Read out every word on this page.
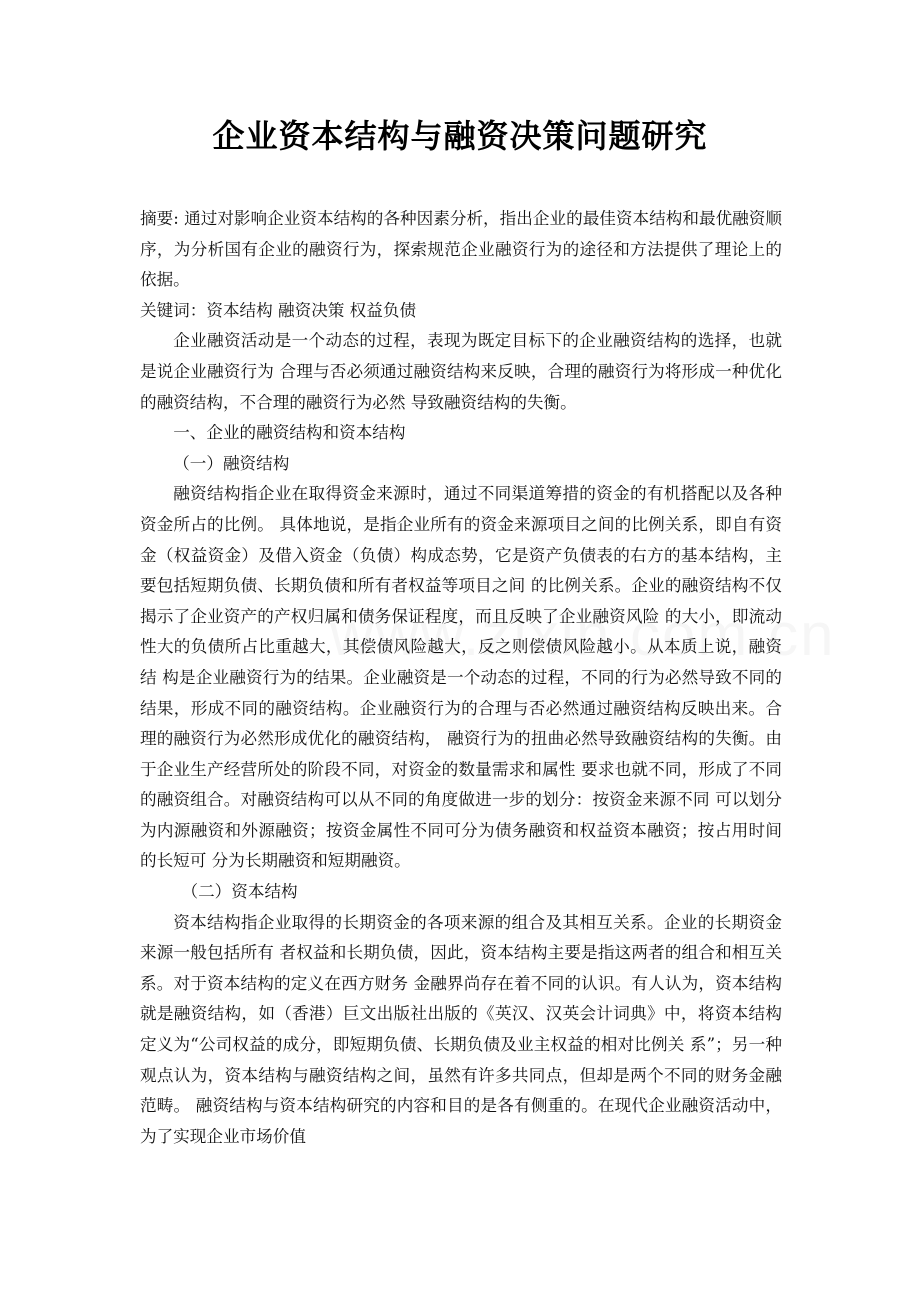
企业资本结构与融资决策问题研究

摘要: 通过对影响企业资本结构的各种因素分析，指出企业的最佳资本结构和最优融资顺序，为分析国有企业的融资行为，探索规范企业融资行为的途径和方法提供了理论上的依据。

关键词：资本结构 融资决策 权益负债

企业融资活动是一个动态的过程，表现为既定目标下的企业融资结构的选择，也就是说企业融资行为 合理与否必须通过融资结构来反映，合理的融资行为将形成一种优化的融资结构，不合理的融资行为必然 导致融资结构的失衡。

一、企业的融资结构和资本结构

（一）融资结构

融资结构指企业在取得资金来源时，通过不同渠道筹措的资金的有机搭配以及各种资金所占的比例。 具体地说，是指企业所有的资金来源项目之间的比例关系，即自有资金（权益资金）及借入资金（负债）构成态势，它是资产负债表的右方的基本结构，主要包括短期负债、长期负债和所有者权益等项目之间 的比例关系。企业的融资结构不仅揭示了企业资产的产权归属和债务保证程度，而且反映了企业融资风险 的大小，即流动性大的负债所占比重越大，其偿债风险越大，反之则偿债风险越小。从本质上说，融资结 构是企业融资行为的结果。企业融资是一个动态的过程，不同的行为必然导致不同的结果，形成不同的融资结构。企业融资行为的合理与否必然通过融资结构反映出来。合理的融资行为必然形成优化的融资结构， 融资行为的扭曲必然导致融资结构的失衡。由于企业生产经营所处的阶段不同，对资金的数量需求和属性 要求也就不同，形成了不同的融资组合。对融资结构可以从不同的角度做进一步的划分：按资金来源不同 可以划分为内源融资和外源融资；按资金属性不同可分为债务融资和权益资本融资；按占用时间的长短可 分为长期融资和短期融资。

（二）资本结构

资本结构指企业取得的长期资金的各项来源的组合及其相互关系。企业的长期资金来源一般包括所有 者权益和长期负债，因此，资本结构主要是指这两者的组合和相互关系。对于资本结构的定义在西方财务 金融界尚存在着不同的认识。有人认为，资本结构就是融资结构，如（香港）巨文出版社出版的《英汉、汉英会计词典》中，将资本结构定义为“公司权益的成分，即短期负债、长期负债及业主权益的相对比例关 系”；另一种观点认为，资本结构与融资结构之间，虽然有许多共同点，但却是两个不同的财务金融范畴。 融资结构与资本结构研究的内容和目的是各有侧重的。在现代企业融资活动中，为了实现企业市场价值
